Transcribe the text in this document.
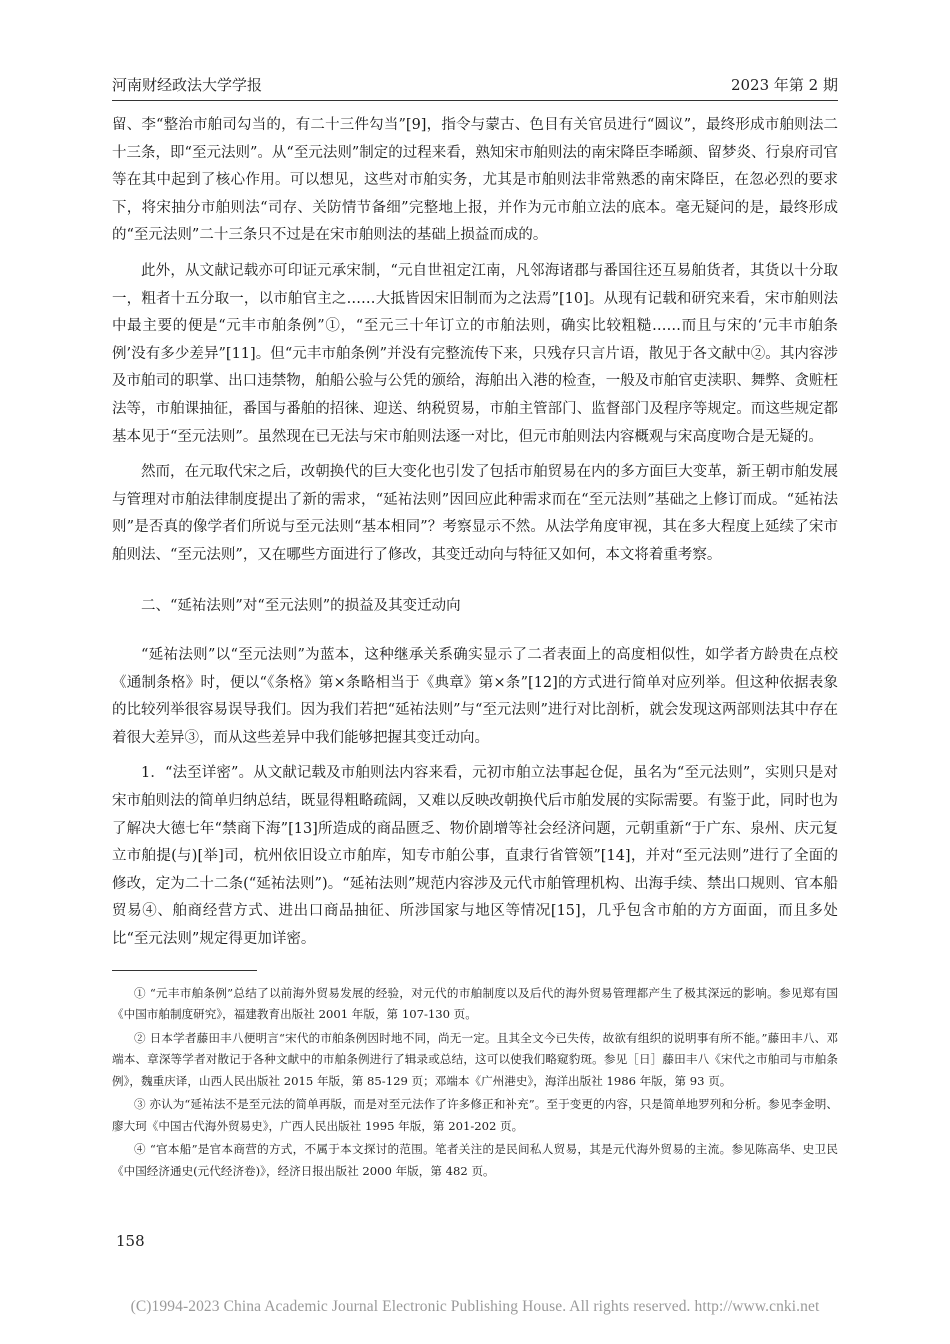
河南财经政法大学学报	2023 年第 2 期

留、李“整治市舶司勾当的，有二十三件勾当”[9]，指令与蒙古、色目有关官员进行“圆议”，最终形成市舶则法二十三条，即“至元法则”。从“至元法则”制定的过程来看，熟知宋市舶则法的南宋降臣李晞颜、留梦炎、行泉府司官等在其中起到了核心作用。可以想见，这些对市舶实务，尤其是市舶则法非常熟悉的南宋降臣，在忽必烈的要求下，将宋抽分市舶则法“司存、关防情节备细”完整地上报，并作为元市舶立法的底本。毫无疑问的是，最终形成的“至元法则”二十三条只不过是在宋市舶则法的基础上损益而成的。

此外，从文献记载亦可印证元承宋制，“元自世祖定江南，凡邻海诸郡与番国往还互易舶货者，其货以十分取一，粗者十五分取一，以市舶官主之……大抵皆因宋旧制而为之法焉”[10]。从现有记载和研究来看，宋市舶则法中最主要的便是“元丰市舶条例”①，“至元三十年订立的市舶法则，确实比较粗糙……而且与宋的‘元丰市舶条例’没有多少差异”[11]。但“元丰市舶条例”并没有完整流传下来，只残存只言片语，散见于各文献中②。其内容涉及市舶司的职掌、出口违禁物，舶船公验与公凭的颁给，海舶出入港的检查，一般及市舶官吏渎职、舞弊、贪赃枉法等，市舶课抽征，番国与番舶的招徕、迎送、纳税贸易，市舶主管部门、监督部门及程序等规定。而这些规定都基本见于“至元法则”。虽然现在已无法与宋市舶则法逐一对比，但元市舶则法内容概观与宋高度吻合是无疑的。

然而，在元取代宋之后，改朝换代的巨大变化也引发了包括市舶贸易在内的多方面巨大变革，新王朝市舶发展与管理对市舶法律制度提出了新的需求，“延祐法则”因回应此种需求而在“至元法则”基础之上修订而成。“延祐法则”是否真的像学者们所说与至元法则“基本相同”？考察显示不然。从法学角度审视，其在多大程度上延续了宋市舶则法、“至元法则”，又在哪些方面进行了修改，其变迁动向与特征又如何，本文将着重考察。

二、“延祐法则”对“至元法则”的损益及其变迁动向

“延祐法则”以“至元法则”为蓝本，这种继承关系确实显示了二者表面上的高度相似性，如学者方龄贵在点校《通制条格》时，便以“《条格》第×条略相当于《典章》第×条”[12]的方式进行简单对应列举。但这种依据表象的比较列举很容易误导我们。因为我们若把“延祐法则”与“至元法则”进行对比剖析，就会发现这两部则法其中存在着很大差异③，而从这些差异中我们能够把握其变迁动向。

1．“法至详密”。从文献记载及市舶则法内容来看，元初市舶立法事起仓促，虽名为“至元法则”，实则只是对宋市舶则法的简单归纳总结，既显得粗略疏阔，又难以反映改朝换代后市舶发展的实际需要。有鉴于此，同时也为了解决大德七年“禁商下海”[13]所造成的商品匮乏、物价剧增等社会经济问题，元朝重新“于广东、泉州、庆元复立市舶提(与)[举]司，杭州依旧设立市舶库，知专市舶公事，直隶行省管领”[14]，并对“至元法则”进行了全面的修改，定为二十二条(“延祐法则”)。“延祐法则”规范内容涉及元代市舶管理机构、出海手续、禁出口规则、官本船贸易④、舶商经营方式、进出口商品抽征、所涉国家与地区等情况[15]，几乎包含市舶的方方面面，而且多处比“至元法则”规定得更加详密。

① “元丰市舶条例”总结了以前海外贸易发展的经验，对元代的市舶制度以及后代的海外贸易管理都产生了极其深远的影响。参见郑有国《中国市舶制度研究》，福建教育出版社 2001 年版，第 107-130 页。

② 日本学者藤田丰八便明言“宋代的市舶条例因时地不同，尚无一定。且其全文今已失传，故欲有组织的说明事有所不能。”藤田丰八、邓端本、章深等学者对散记于各种文献中的市舶条例进行了辑录或总结，这可以使我们略窥豹斑。参见［日］藤田丰八《宋代之市舶司与市舶条例》，魏重庆译，山西人民出版社 2015 年版，第 85-129 页；邓端本《广州港史》，海洋出版社 1986 年版，第 93 页。

③ 亦认为“延祐法不是至元法的简单再版，而是对至元法作了许多修正和补充”。至于变更的内容，只是简单地罗列和分析。参见李金明、廖大珂《中国古代海外贸易史》，广西人民出版社 1995 年版，第 201-202 页。

④ “官本船”是官本商营的方式，不属于本文探讨的范围。笔者关注的是民间私人贸易，其是元代海外贸易的主流。参见陈高华、史卫民《中国经济通史(元代经济卷)》，经济日报出版社 2000 年版，第 482 页。

158
(C)1994-2023 China Academic Journal Electronic Publishing House. All rights reserved. http://www.cnki.net
